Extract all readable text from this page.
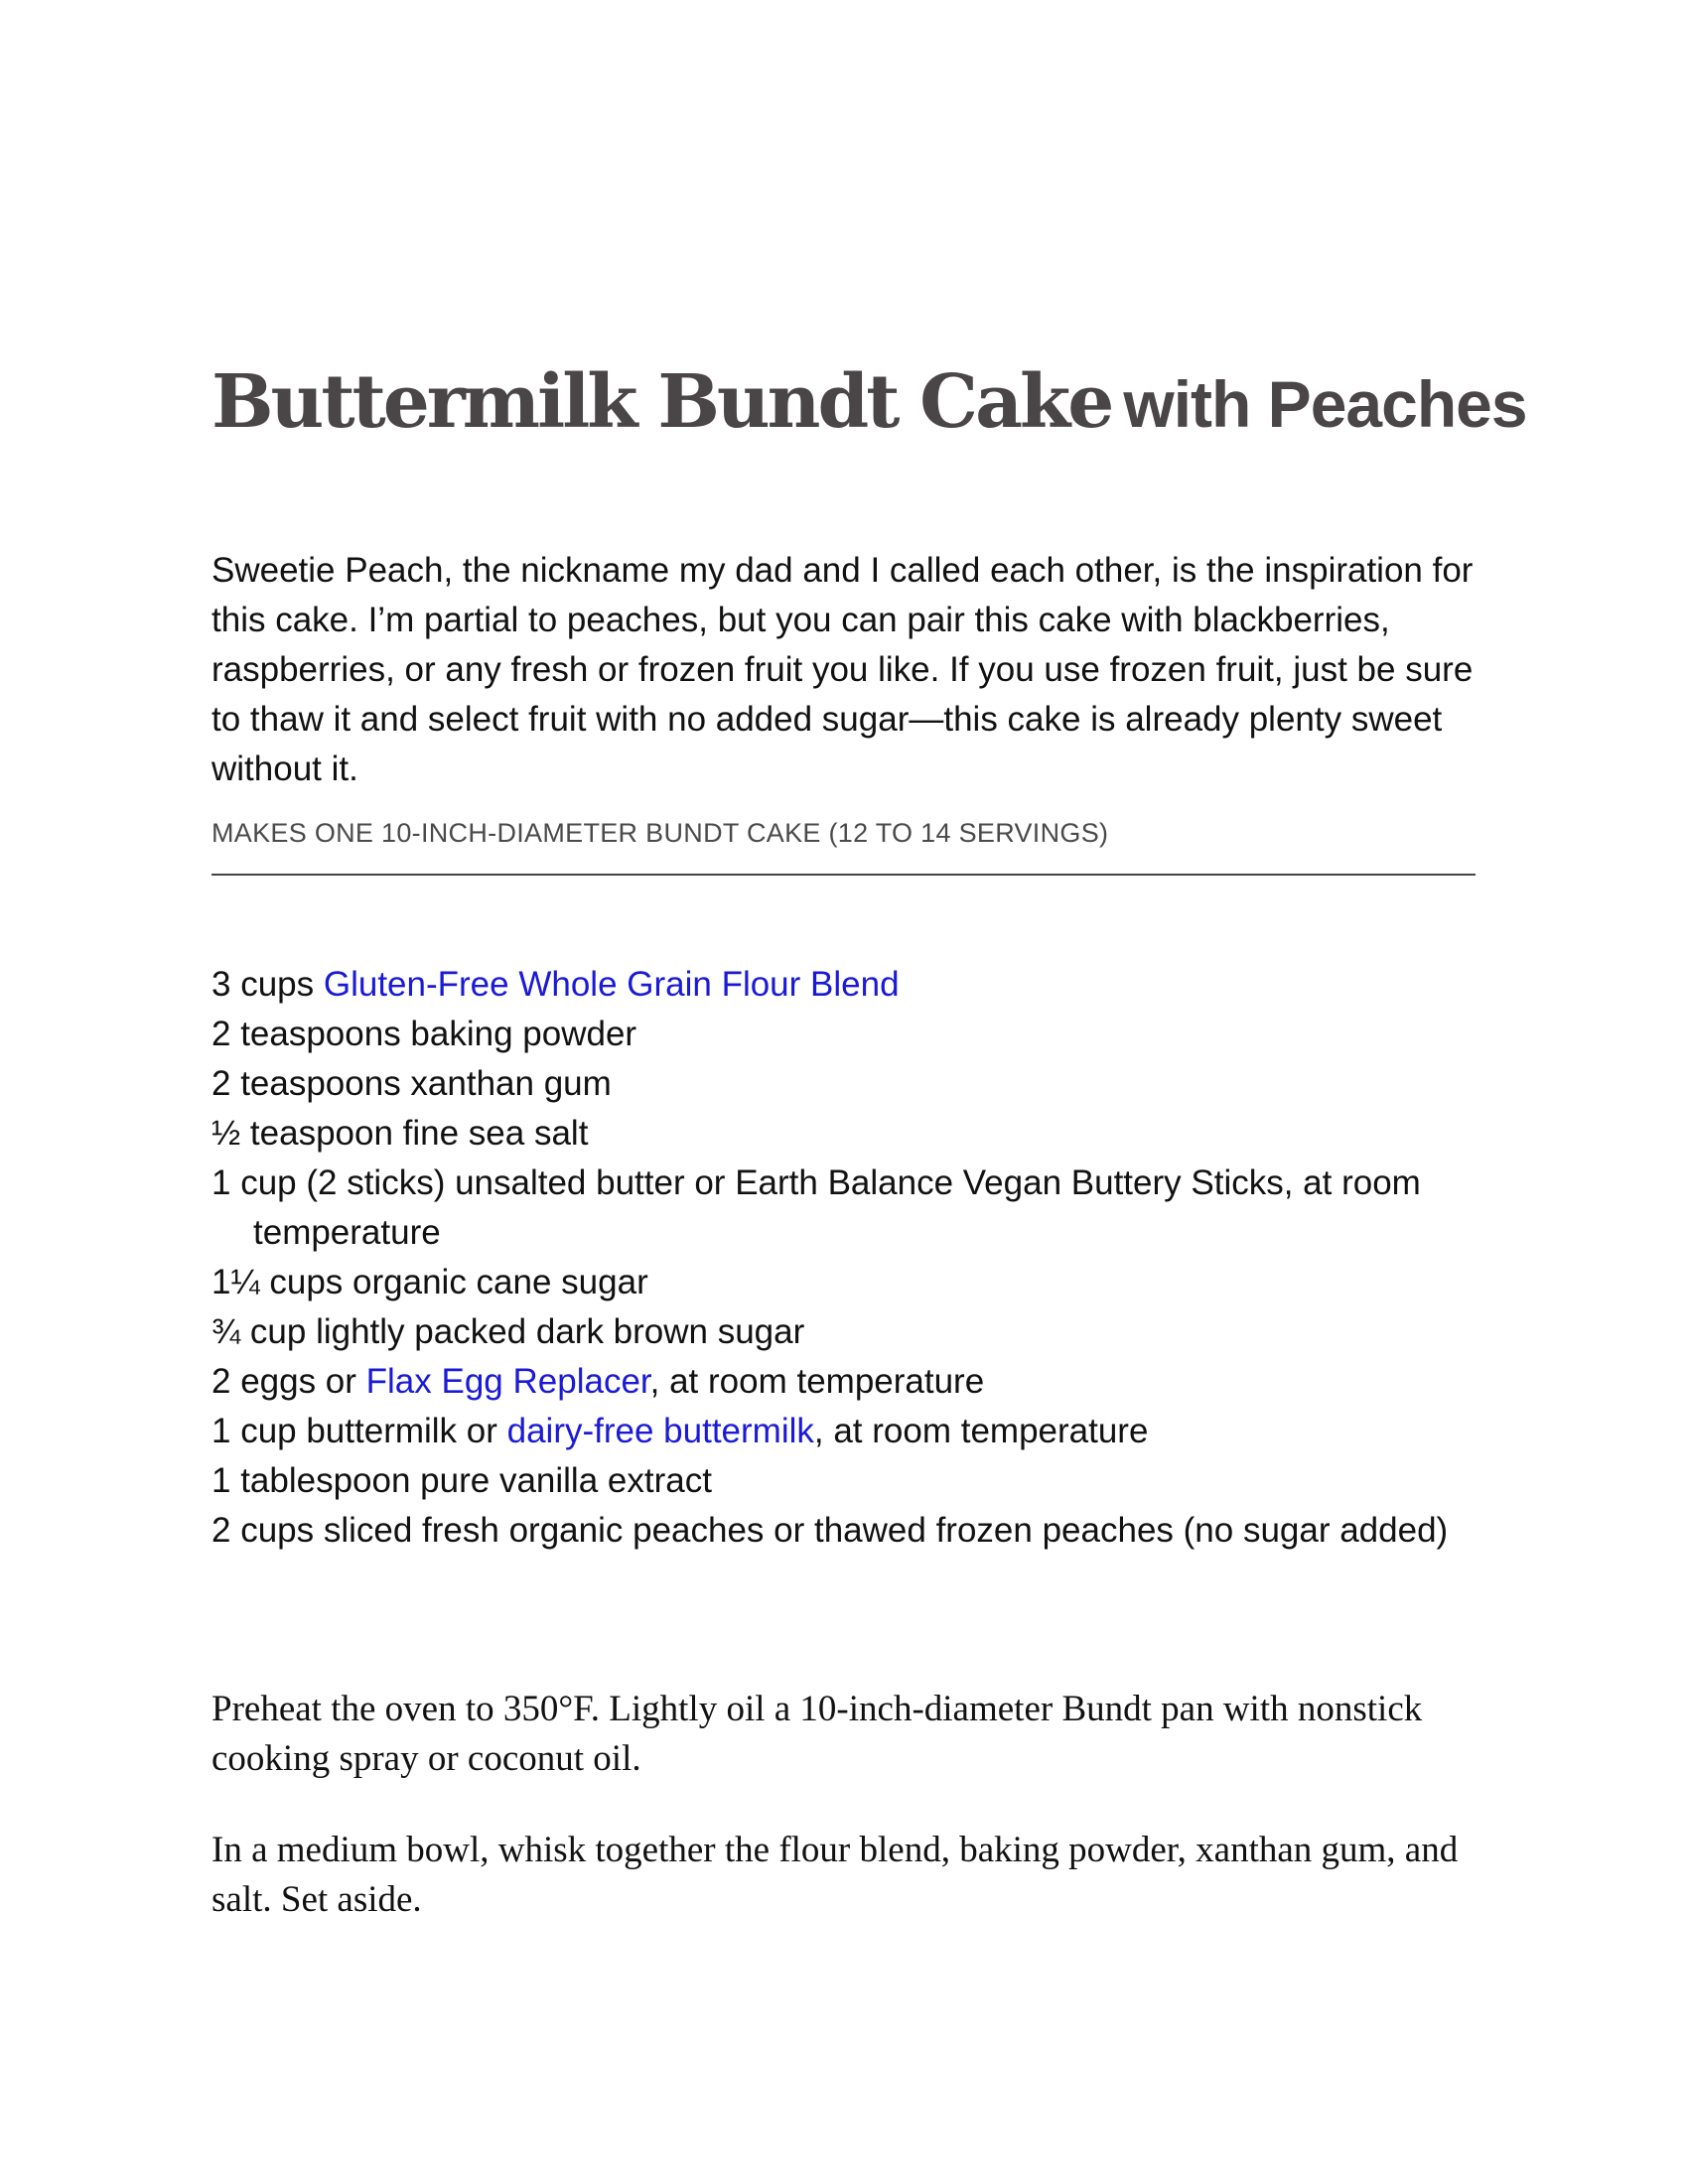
Buttermilk Bundt Cake with Peaches

Sweetie Peach, the nickname my dad and I called each other, is the inspiration for this cake. I’m partial to peaches, but you can pair this cake with blackberries, raspberries, or any fresh or frozen fruit you like. If you use frozen fruit, just be sure to thaw it and select fruit with no added sugar—this cake is already plenty sweet without it.

MAKES ONE 10-INCH-DIAMETER BUNDT CAKE (12 TO 14 SERVINGS)

3 cups Gluten-Free Whole Grain Flour Blend
2 teaspoons baking powder
2 teaspoons xanthan gum
½ teaspoon fine sea salt
1 cup (2 sticks) unsalted butter or Earth Balance Vegan Buttery Sticks, at room temperature
1¼ cups organic cane sugar
¾ cup lightly packed dark brown sugar
2 eggs or Flax Egg Replacer, at room temperature
1 cup buttermilk or dairy-free buttermilk, at room temperature
1 tablespoon pure vanilla extract
2 cups sliced fresh organic peaches or thawed frozen peaches (no sugar added)

Preheat the oven to 350°F. Lightly oil a 10-inch-diameter Bundt pan with nonstick cooking spray or coconut oil.

In a medium bowl, whisk together the flour blend, baking powder, xanthan gum, and salt. Set aside.
